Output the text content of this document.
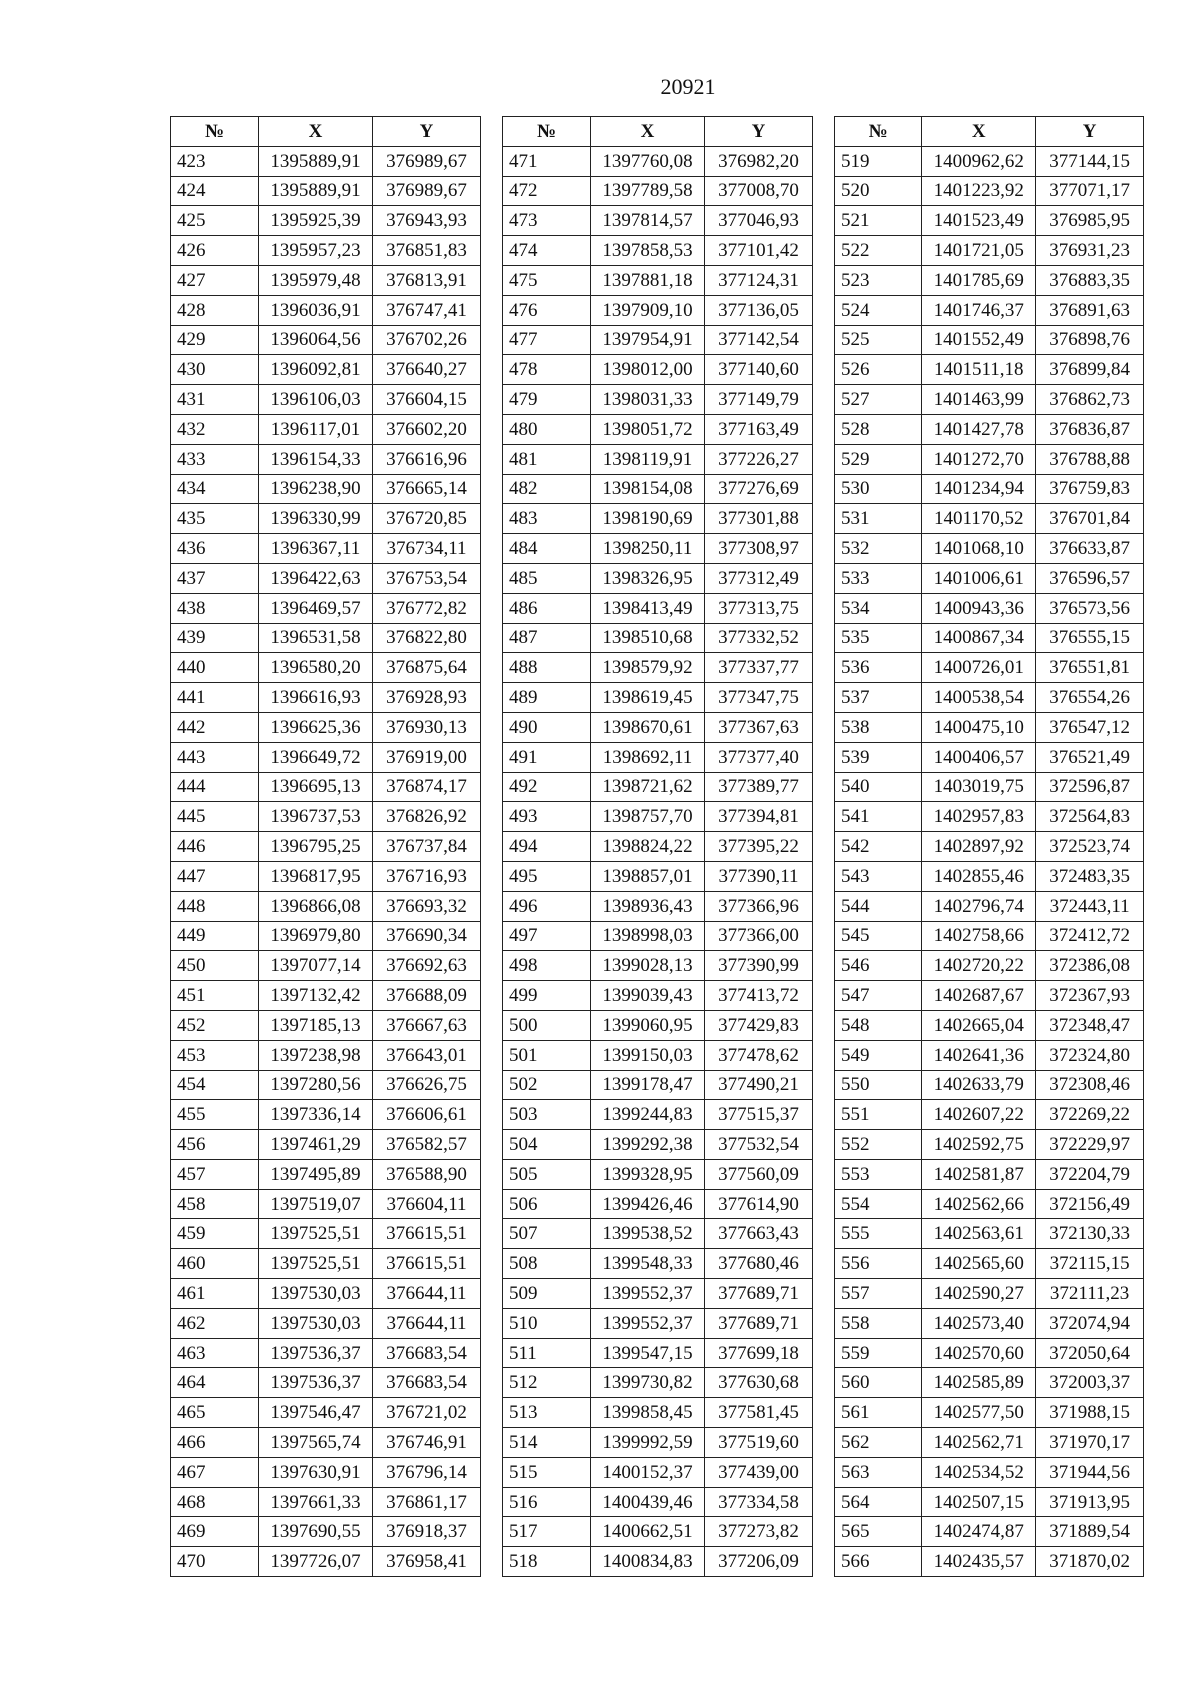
20921
№	X	Y
423	1395889,91	376989,67
424	1395889,91	376989,67
425	1395925,39	376943,93
426	1395957,23	376851,83
427	1395979,48	376813,91
428	1396036,91	376747,41
429	1396064,56	376702,26
430	1396092,81	376640,27
431	1396106,03	376604,15
432	1396117,01	376602,20
433	1396154,33	376616,96
434	1396238,90	376665,14
435	1396330,99	376720,85
436	1396367,11	376734,11
437	1396422,63	376753,54
438	1396469,57	376772,82
439	1396531,58	376822,80
440	1396580,20	376875,64
441	1396616,93	376928,93
442	1396625,36	376930,13
443	1396649,72	376919,00
444	1396695,13	376874,17
445	1396737,53	376826,92
446	1396795,25	376737,84
447	1396817,95	376716,93
448	1396866,08	376693,32
449	1396979,80	376690,34
450	1397077,14	376692,63
451	1397132,42	376688,09
452	1397185,13	376667,63
453	1397238,98	376643,01
454	1397280,56	376626,75
455	1397336,14	376606,61
456	1397461,29	376582,57
457	1397495,89	376588,90
458	1397519,07	376604,11
459	1397525,51	376615,51
460	1397525,51	376615,51
461	1397530,03	376644,11
462	1397530,03	376644,11
463	1397536,37	376683,54
464	1397536,37	376683,54
465	1397546,47	376721,02
466	1397565,74	376746,91
467	1397630,91	376796,14
468	1397661,33	376861,17
469	1397690,55	376918,37
470	1397726,07	376958,41
№	X	Y
471	1397760,08	376982,20
472	1397789,58	377008,70
473	1397814,57	377046,93
474	1397858,53	377101,42
475	1397881,18	377124,31
476	1397909,10	377136,05
477	1397954,91	377142,54
478	1398012,00	377140,60
479	1398031,33	377149,79
480	1398051,72	377163,49
481	1398119,91	377226,27
482	1398154,08	377276,69
483	1398190,69	377301,88
484	1398250,11	377308,97
485	1398326,95	377312,49
486	1398413,49	377313,75
487	1398510,68	377332,52
488	1398579,92	377337,77
489	1398619,45	377347,75
490	1398670,61	377367,63
491	1398692,11	377377,40
492	1398721,62	377389,77
493	1398757,70	377394,81
494	1398824,22	377395,22
495	1398857,01	377390,11
496	1398936,43	377366,96
497	1398998,03	377366,00
498	1399028,13	377390,99
499	1399039,43	377413,72
500	1399060,95	377429,83
501	1399150,03	377478,62
502	1399178,47	377490,21
503	1399244,83	377515,37
504	1399292,38	377532,54
505	1399328,95	377560,09
506	1399426,46	377614,90
507	1399538,52	377663,43
508	1399548,33	377680,46
509	1399552,37	377689,71
510	1399552,37	377689,71
511	1399547,15	377699,18
512	1399730,82	377630,68
513	1399858,45	377581,45
514	1399992,59	377519,60
515	1400152,37	377439,00
516	1400439,46	377334,58
517	1400662,51	377273,82
518	1400834,83	377206,09
№	X	Y
519	1400962,62	377144,15
520	1401223,92	377071,17
521	1401523,49	376985,95
522	1401721,05	376931,23
523	1401785,69	376883,35
524	1401746,37	376891,63
525	1401552,49	376898,76
526	1401511,18	376899,84
527	1401463,99	376862,73
528	1401427,78	376836,87
529	1401272,70	376788,88
530	1401234,94	376759,83
531	1401170,52	376701,84
532	1401068,10	376633,87
533	1401006,61	376596,57
534	1400943,36	376573,56
535	1400867,34	376555,15
536	1400726,01	376551,81
537	1400538,54	376554,26
538	1400475,10	376547,12
539	1400406,57	376521,49
540	1403019,75	372596,87
541	1402957,83	372564,83
542	1402897,92	372523,74
543	1402855,46	372483,35
544	1402796,74	372443,11
545	1402758,66	372412,72
546	1402720,22	372386,08
547	1402687,67	372367,93
548	1402665,04	372348,47
549	1402641,36	372324,80
550	1402633,79	372308,46
551	1402607,22	372269,22
552	1402592,75	372229,97
553	1402581,87	372204,79
554	1402562,66	372156,49
555	1402563,61	372130,33
556	1402565,60	372115,15
557	1402590,27	372111,23
558	1402573,40	372074,94
559	1402570,60	372050,64
560	1402585,89	372003,37
561	1402577,50	371988,15
562	1402562,71	371970,17
563	1402534,52	371944,56
564	1402507,15	371913,95
565	1402474,87	371889,54
566	1402435,57	371870,02
